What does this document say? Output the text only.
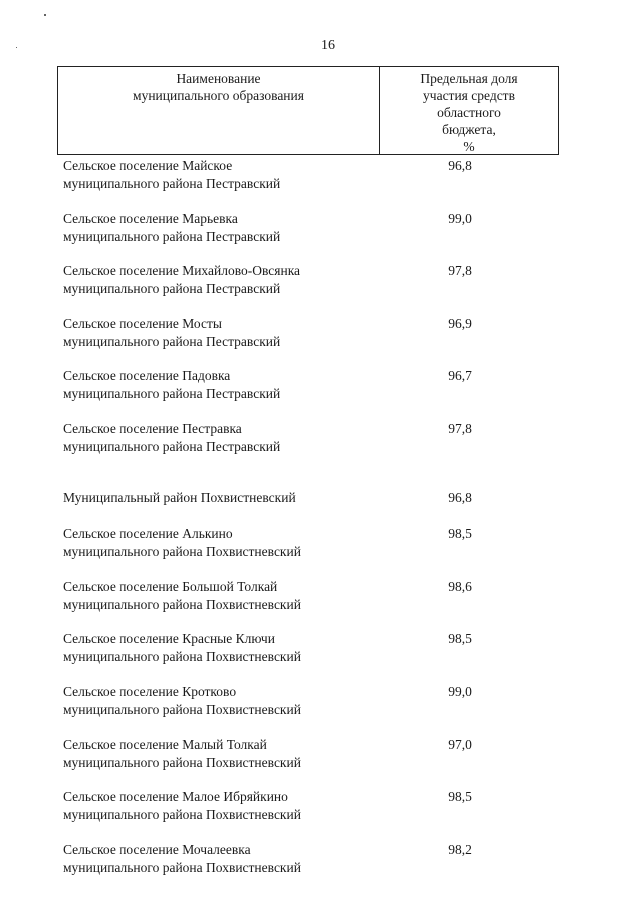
16
Наименование
муниципального образования
Предельная доля
участия средств
областного
бюджета,
%
Сельское поселение Майское
муниципального района Пестравский
96,8
Сельское поселение Марьевка
муниципального района Пестравский
99,0
Сельское поселение Михайлово-Овсянка
муниципального района Пестравский
97,8
Сельское поселение Мосты
муниципального района Пестравский
96,9
Сельское поселение Падовка
муниципального района Пестравский
96,7
Сельское поселение Пестравка
муниципального района Пестравский
97,8
Муниципальный район Похвистневский	96,8
Сельское поселение Алькино
муниципального района Похвистневский
98,5
Сельское поселение Большой Толкай
муниципального района Похвистневский
98,6
Сельское поселение Красные Ключи
муниципального района Похвистневский
98,5
Сельское поселение Кротково
муниципального района Похвистневский
99,0
Сельское поселение Малый Толкай
муниципального района Похвистневский
97,0
Сельское поселение Малое Ибряйкино
муниципального района Похвистневский
98,5
Сельское поселение Мочалеевка
муниципального района Похвистневский
98,2
